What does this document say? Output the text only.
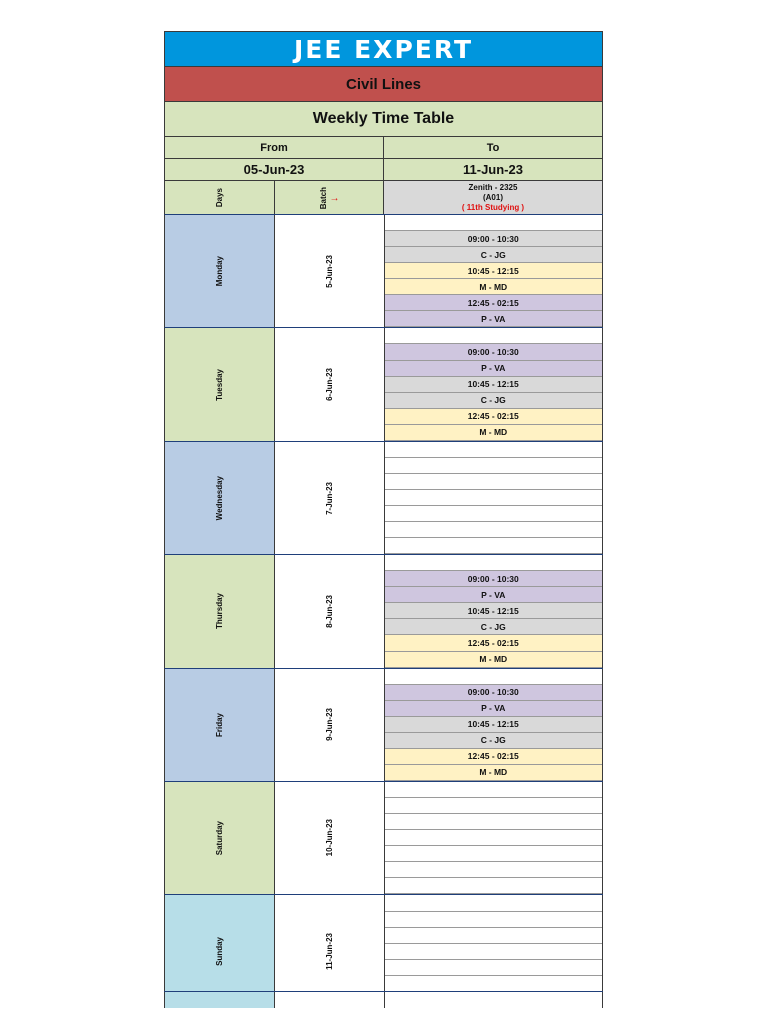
JEE EXPERT
Civil Lines
Weekly Time Table
From	To
05-Jun-23	11-Jun-23
Days	Batch →
Zenith - 2325
(A01)
( 11th Studying )
Monday	5-Jun-23
09:00 - 10:30
C - JG
10:45 - 12:15
M - MD
12:45 - 02:15
P - VA
Tuesday	6-Jun-23
09:00 - 10:30
P - VA
10:45 - 12:15
C - JG
12:45 - 02:15
M - MD
Wednesday	7-Jun-23
Thursday	8-Jun-23
09:00 - 10:30
P - VA
10:45 - 12:15
C - JG
12:45 - 02:15
M - MD
Friday	9-Jun-23
09:00 - 10:30
P - VA
10:45 - 12:15
C - JG
12:45 - 02:15
M - MD
Saturday	10-Jun-23
Sunday	11-Jun-23
